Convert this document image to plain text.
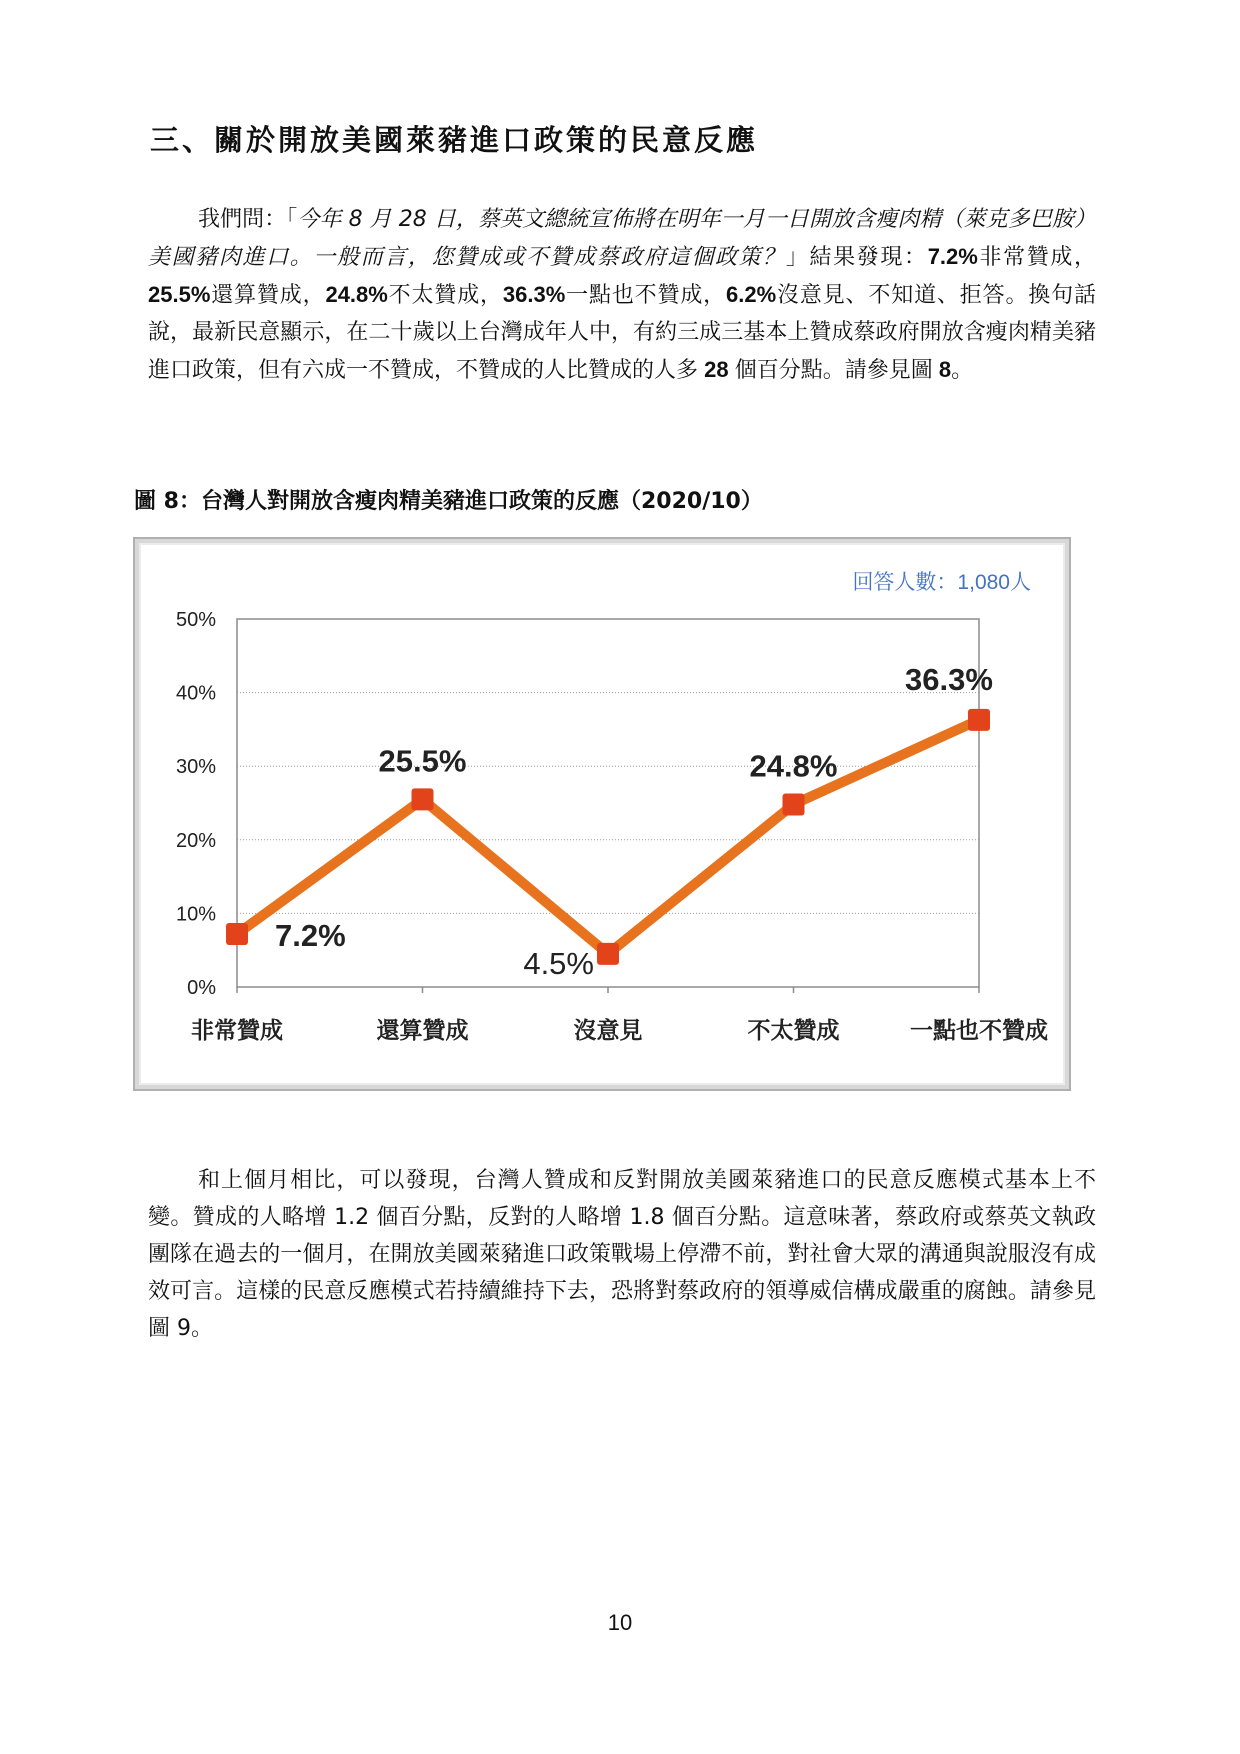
三、關於開放美國萊豬進口政策的民意反應

我們問：「今年 8 月 28 日，蔡英文總統宣佈將在明年一月一日開放含瘦肉精（萊克多巴胺）美國豬肉進口。一般而言，您贊成或不贊成蔡政府這個政策？」結果發現：7.2%非常贊成，25.5%還算贊成，24.8%不太贊成，36.3%一點也不贊成，6.2%沒意見、不知道、拒答。換句話說，最新民意顯示，在二十歲以上台灣成年人中，有約三成三基本上贊成蔡政府開放含瘦肉精美豬進口政策，但有六成一不贊成，不贊成的人比贊成的人多 28 個百分點。請參見圖 8。

圖 8：台灣人對開放含瘦肉精美豬進口政策的反應（2020/10）

回答人數：1,080人
0%
10%
20%
30%
40%
50%
非常贊成	還算贊成	沒意見	不太贊成	一點也不贊成
7.2%
25.5%
4.5%
24.8%
36.3%

和上個月相比，可以發現，台灣人贊成和反對開放美國萊豬進口的民意反應模式基本上不變。贊成的人略增 1.2 個百分點，反對的人略增 1.8 個百分點。這意味著，蔡政府或蔡英文執政團隊在過去的一個月，在開放美國萊豬進口政策戰場上停滯不前，對社會大眾的溝通與說服沒有成效可言。這樣的民意反應模式若持續維持下去，恐將對蔡政府的領導威信構成嚴重的腐蝕。請參見圖 9。

10
